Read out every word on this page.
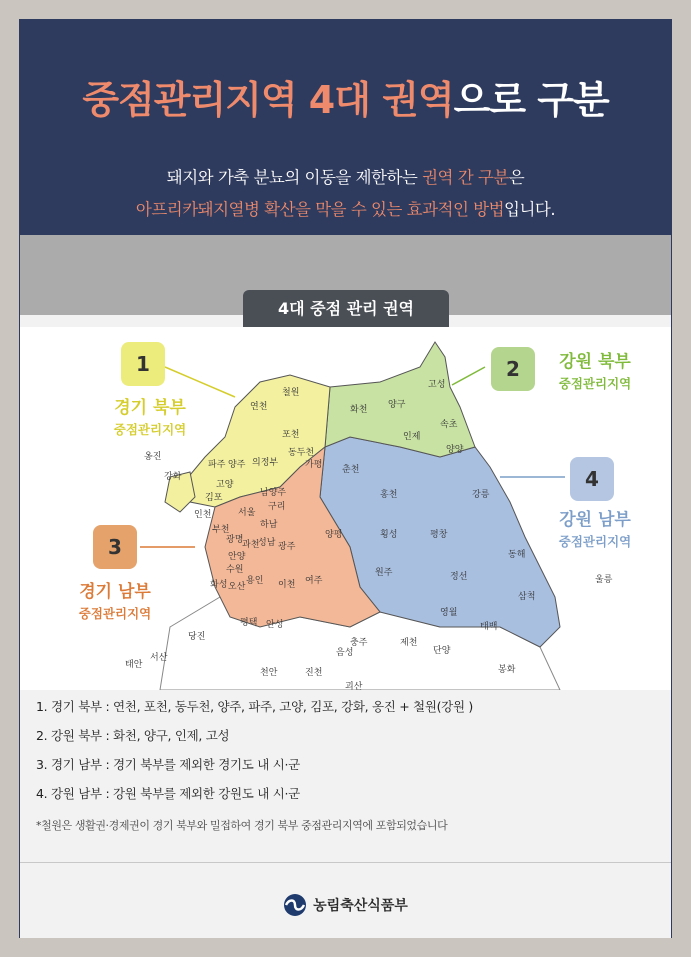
중점관리지역 4대 권역으로 구분
돼지와 가축 분뇨의 이동을 제한하는 권역 간 구분은
아프리카돼지열병 확산을 막을 수 있는 효과적인 방법입니다.
4대 중점 관리 권역
연천
철원
포천
동두천
파주 양주 의정부
고양
김포
강화
옹진
가평
남양주
구리
하남
서울
인천
부천
광명
과천
안양
성남 광주
양평
수원
화성 용인
오산	이천 여주
평택 안성
화천 양구
인제
고성
속초
춘천
양양
홍천	강릉
횡성	평창
원주	정선
동해
영월
삼척
태백
울릉
당진
서산
태안
천안	진천
음성
충주	제천
단양
괴산
봉화
1
경기 북부
중점관리지역
2	강원 북부
중점관리지역
3
경기 남부
중점관리지역
4
강원 남부
중점관리지역
1. 경기 북부 : 연천, 포천, 동두천, 양주, 파주, 고양, 김포, 강화, 옹진 + 철원(강원 )
2. 강원 북부 : 화천, 양구, 인제, 고성
3. 경기 남부 : 경기 북부를 제외한 경기도 내 시·군
4. 강원 남부 : 강원 북부를 제외한 강원도 내 시·군
*철원은 생활권·경제권이 경기 북부와 밀접하여 경기 북부 중점관리지역에 포함되었습니다
농림축산식품부
